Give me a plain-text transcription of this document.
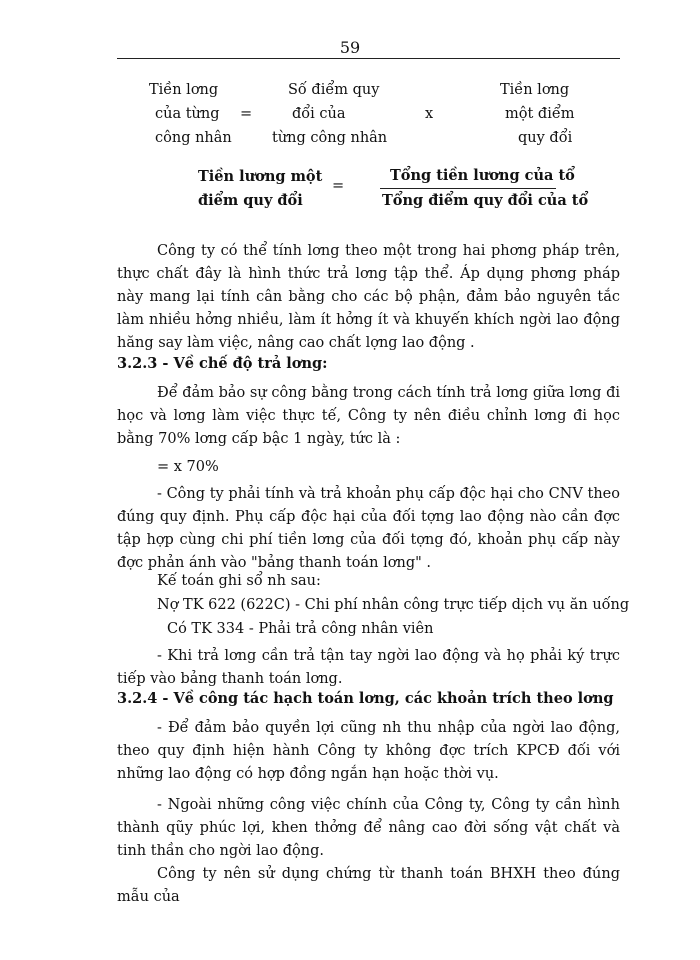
59
Tiền lơng
của từng
công nhân
=
Số điểm quy
đổi của
từng công nhân
x
Tiền lơng
một điểm
quy đổi
Tiền lương một
điểm quy đổi
=
Tổng tiền lương của tổ
Tổng điểm quy đổi của tổ

Công ty có thể tính lơng theo một trong hai phơng pháp trên, thực chất đây là hình thức trả lơng tập thể. Áp dụng phơng pháp này mang lại tính cân bằng cho các bộ phận, đảm bảo nguyên tắc làm nhiều hởng nhiều, làm ít hởng ít và khuyến khích ngời lao động hăng say làm việc, nâng cao chất lợng lao động .

3.2.3 - Về chế độ trả lơng:

Để đảm bảo sự công bằng trong cách tính trả lơng giữa lơng đi học và lơng làm việc thực tế, Công ty nên điều chỉnh lơng đi học bằng 70% lơng cấp bậc 1 ngày, tức là :

= x 70%

- Công ty phải tính và trả khoản phụ cấp độc hại cho CNV theo đúng quy định. Phụ cấp độc hại của đối tợng lao động nào cần đợc tập hợp cùng chi phí tiền lơng của đối tợng đó, khoản phụ cấp này đợc phản ánh vào "bảng thanh toán lơng" .

Kế toán ghi sổ nh sau:
Nợ TK 622 (622C) - Chi phí nhân công trực tiếp dịch vụ ăn uống
Có TK 334 - Phải trả công nhân viên

- Khi trả lơng cần trả tận tay ngời lao động và họ phải ký trực tiếp vào bảng thanh toán lơng.

3.2.4 - Về công tác hạch toán lơng, các khoản trích theo lơng

- Để đảm bảo quyền lợi cũng nh thu nhập của ngời lao động, theo quy định hiện hành Công ty không đợc trích KPCĐ đối với những lao động có hợp đồng ngắn hạn hoặc thời vụ.

- Ngoài những công việc chính của Công ty, Công ty cần hình thành qũy phúc lợi, khen thởng để nâng cao đời sống vật chất và tinh thần cho ngời lao động.

Công ty nên sử dụng chứng từ thanh toán BHXH theo đúng mẫu của
